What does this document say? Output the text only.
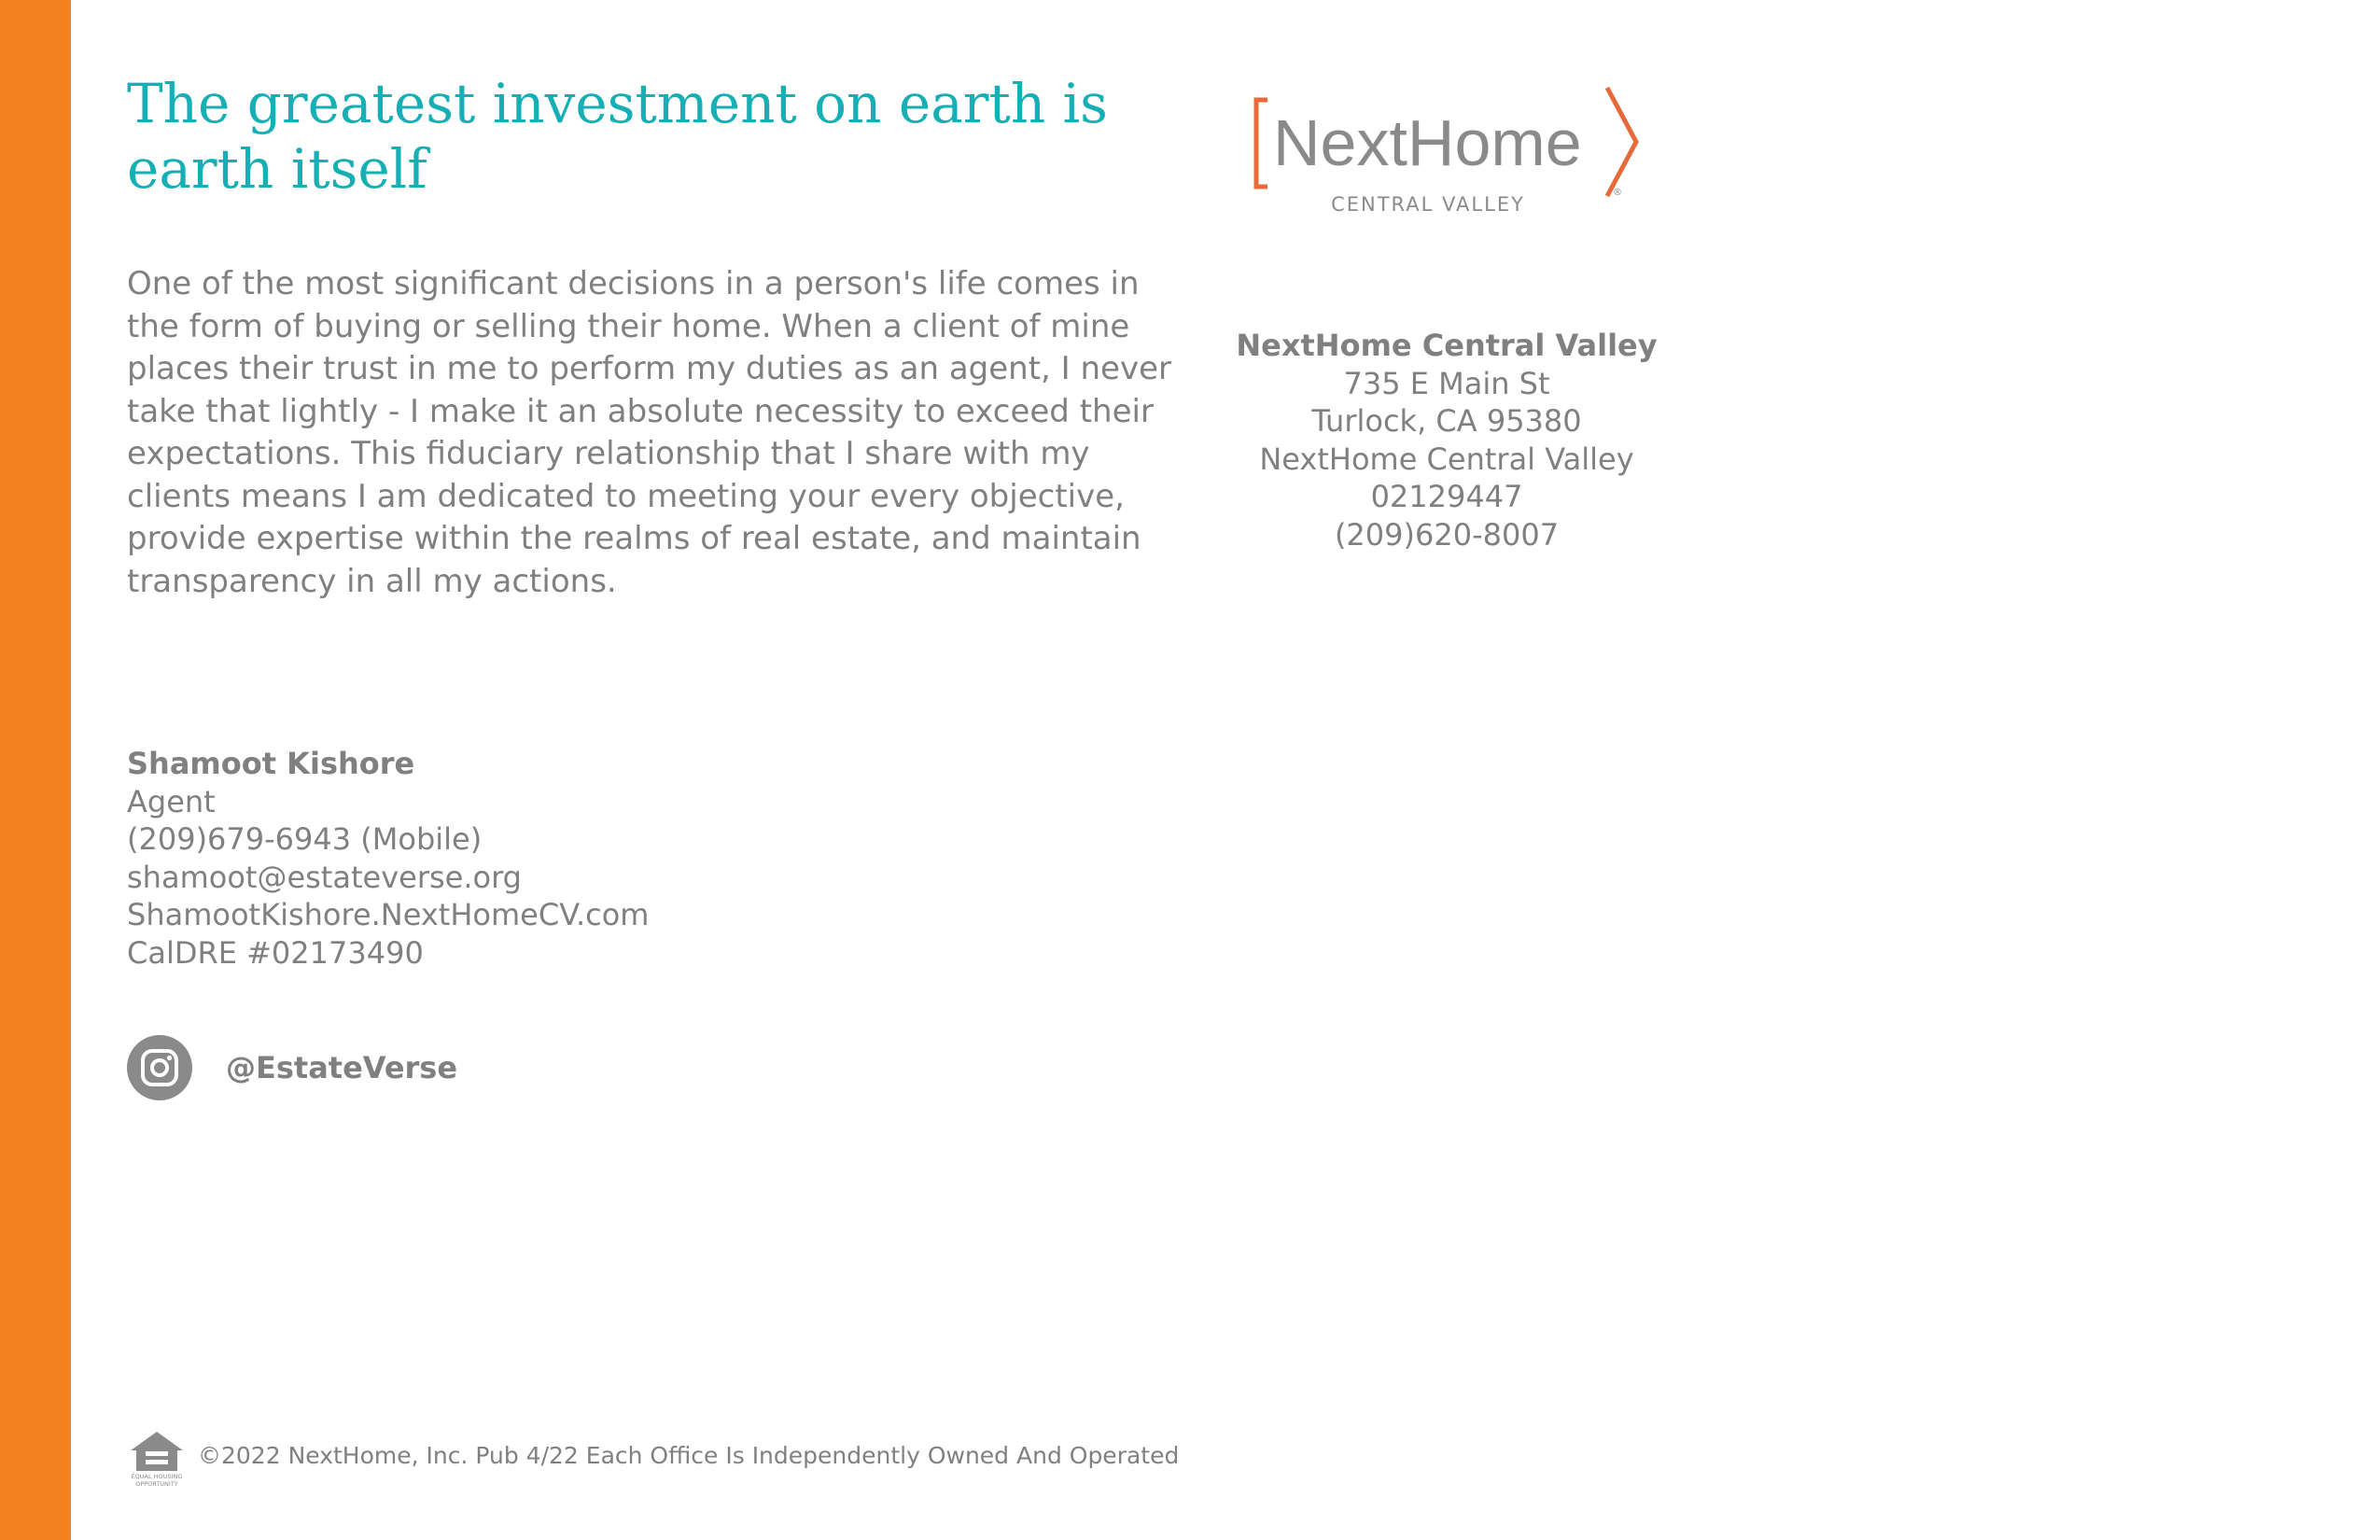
The greatest investment on earth is earth itself

One of the most significant decisions in a person's life comes in the form of buying or selling their home. When a client of mine places their trust in me to perform my duties as an agent, I never take that lightly - I make it an absolute necessity to exceed their expectations. This fiduciary relationship that I share with my clients means I am dedicated to meeting your every objective, provide expertise within the realms of real estate, and maintain transparency in all my actions.

Shamoot Kishore
Agent
(209)679-6943 (Mobile)
shamoot@estateverse.org
ShamootKishore.NextHomeCV.com
CalDRE #02173490
@EstateVerse
NextHome
CENTRAL VALLEY
®
NextHome Central Valley
735 E Main St
Turlock, CA 95380
NextHome Central Valley
02129447
(209)620-8007
EQUAL HOUSING
OPPORTUNITY
©2022 NextHome, Inc. Pub 4/22 Each Office Is Independently Owned And Operated
